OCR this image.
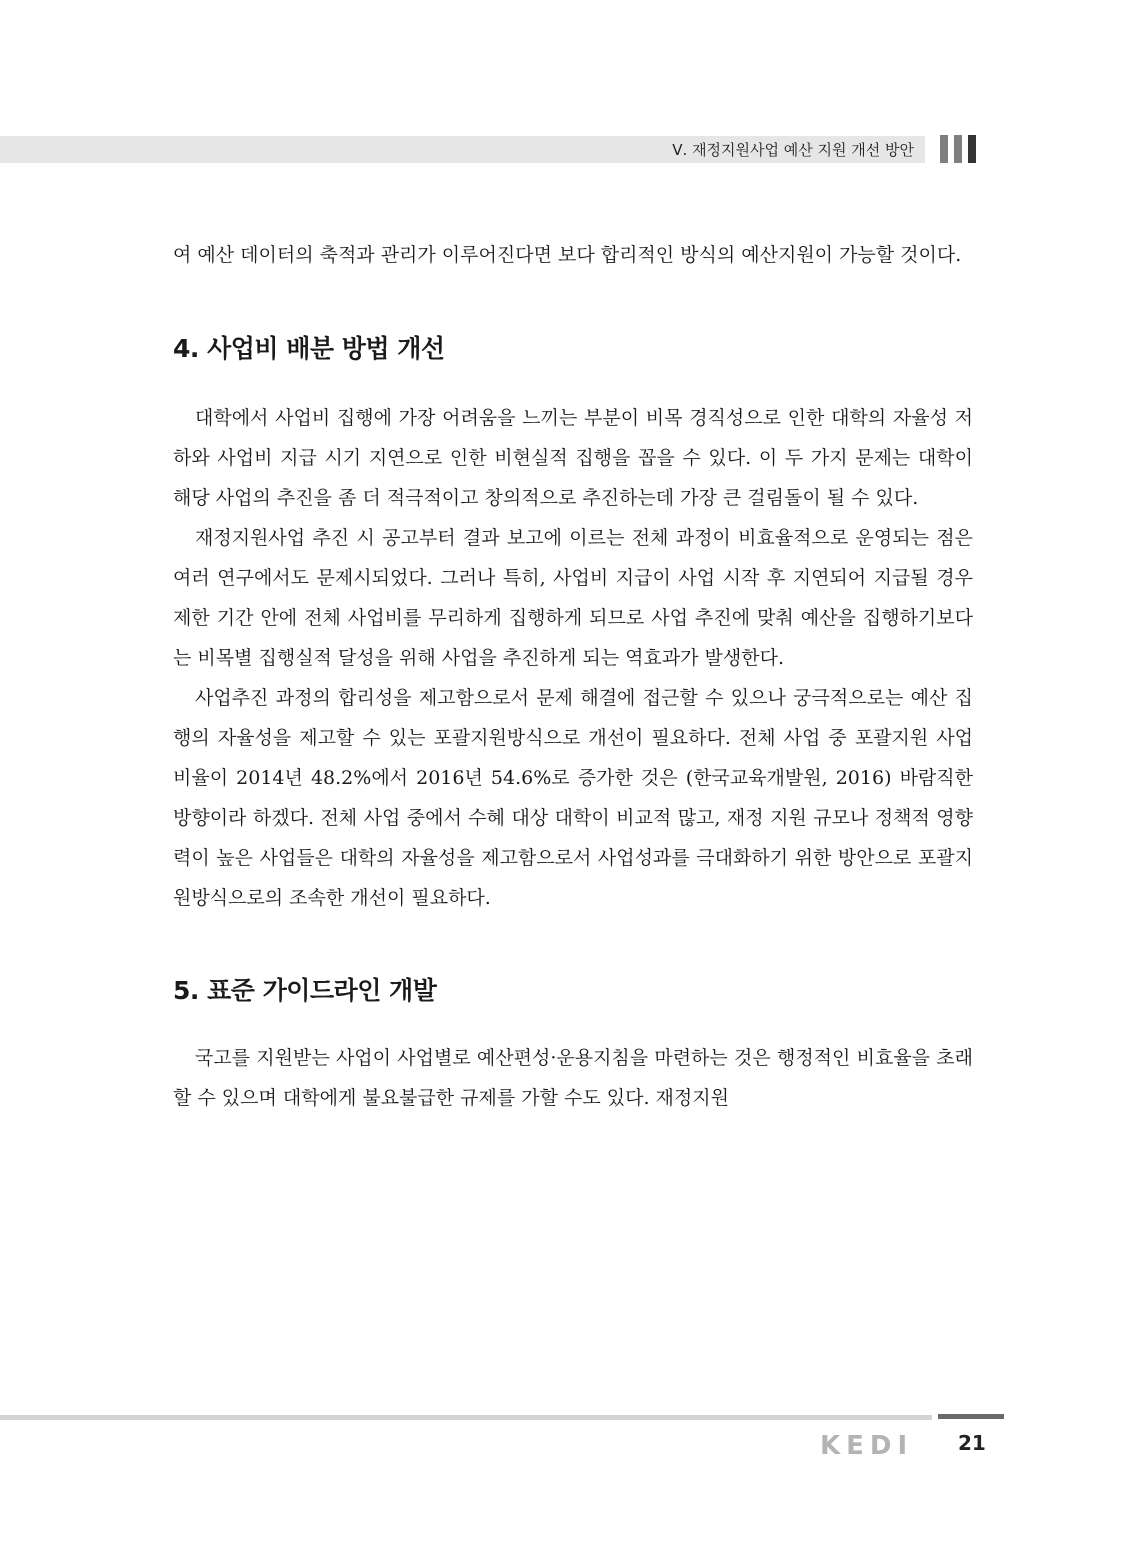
Ⅴ. 재정지원사업 예산 지원 개선 방안

여 예산 데이터의 축적과 관리가 이루어진다면 보다 합리적인 방식의 예산지원이 가능할 것이다.

4. 사업비 배분 방법 개선

대학에서 사업비 집행에 가장 어려움을 느끼는 부분이 비목 경직성으로 인한 대학의 자율성 저하와 사업비 지급 시기 지연으로 인한 비현실적 집행을 꼽을 수 있다. 이 두 가지 문제는 대학이 해당 사업의 추진을 좀 더 적극적이고 창의적으로 추진하는데 가장 큰 걸림돌이 될 수 있다.

재정지원사업 추진 시 공고부터 결과 보고에 이르는 전체 과정이 비효율적으로 운영되는 점은 여러 연구에서도 문제시되었다. 그러나 특히, 사업비 지급이 사업 시작 후 지연되어 지급될 경우 제한 기간 안에 전체 사업비를 무리하게 집행하게 되므로 사업 추진에 맞춰 예산을 집행하기보다는 비목별 집행실적 달성을 위해 사업을 추진하게 되는 역효과가 발생한다.

사업추진 과정의 합리성을 제고함으로서 문제 해결에 접근할 수 있으나 궁극적으로는 예산 집행의 자율성을 제고할 수 있는 포괄지원방식으로 개선이 필요하다. 전체 사업 중 포괄지원 사업 비율이 2014년 48.2%에서 2016년 54.6%로 증가한 것은 (한국교육개발원, 2016) 바람직한 방향이라 하겠다. 전체 사업 중에서 수혜 대상 대학이 비교적 많고, 재정 지원 규모나 정책적 영향력이 높은 사업들은 대학의 자율성을 제고함으로서 사업성과를 극대화하기 위한 방안으로 포괄지원방식으로의 조속한 개선이 필요하다.

5. 표준 가이드라인 개발

국고를 지원받는 사업이 사업별로 예산편성·운용지침을 마련하는 것은 행정적인 비효율을 초래할 수 있으며 대학에게 불요불급한 규제를 가할 수도 있다. 재정지원

KEDI 21
